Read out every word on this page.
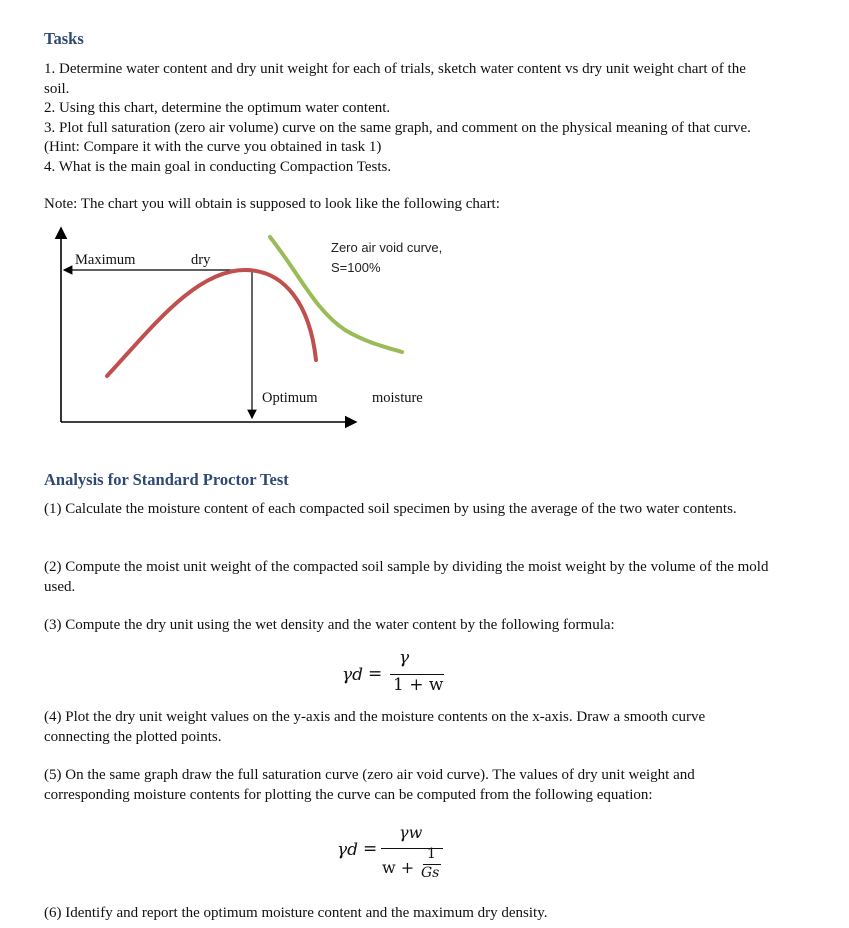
Tasks
1. Determine water content and dry unit weight for each of trials, sketch water content vs dry unit weight chart of the soil.
2. Using this chart, determine the optimum water content.
3. Plot full saturation (zero air volume) curve on the same graph, and comment on the physical meaning of that curve. (Hint: Compare it with the curve you obtained in task 1)
4. What is the main goal in conducting Compaction Tests.

Note: The chart you will obtain is supposed to look like the following chart:

Maximum	dry
Zero air void curve,
S=100%
Optimum	moisture
Analysis for Standard Proctor Test

(1) Calculate the moisture content of each compacted soil specimen by using the average of the two water contents.

(2) Compute the moist unit weight of the compacted soil sample by dividing the moist weight by the volume of the mold used.

(3) Compute the dry unit using the wet density and the water content by the following formula:

γd =
γ
1 + w

(4) Plot the dry unit weight values on the y-axis and the moisture contents on the x-axis. Draw a smooth curve connecting the plotted points.

(5) On the same graph draw the full saturation curve (zero air void curve). The values of dry unit weight and corresponding moisture contents for plotting the curve can be computed from the following equation:

γd =
γw
w +
1
Gs

(6) Identify and report the optimum moisture content and the maximum dry density.
